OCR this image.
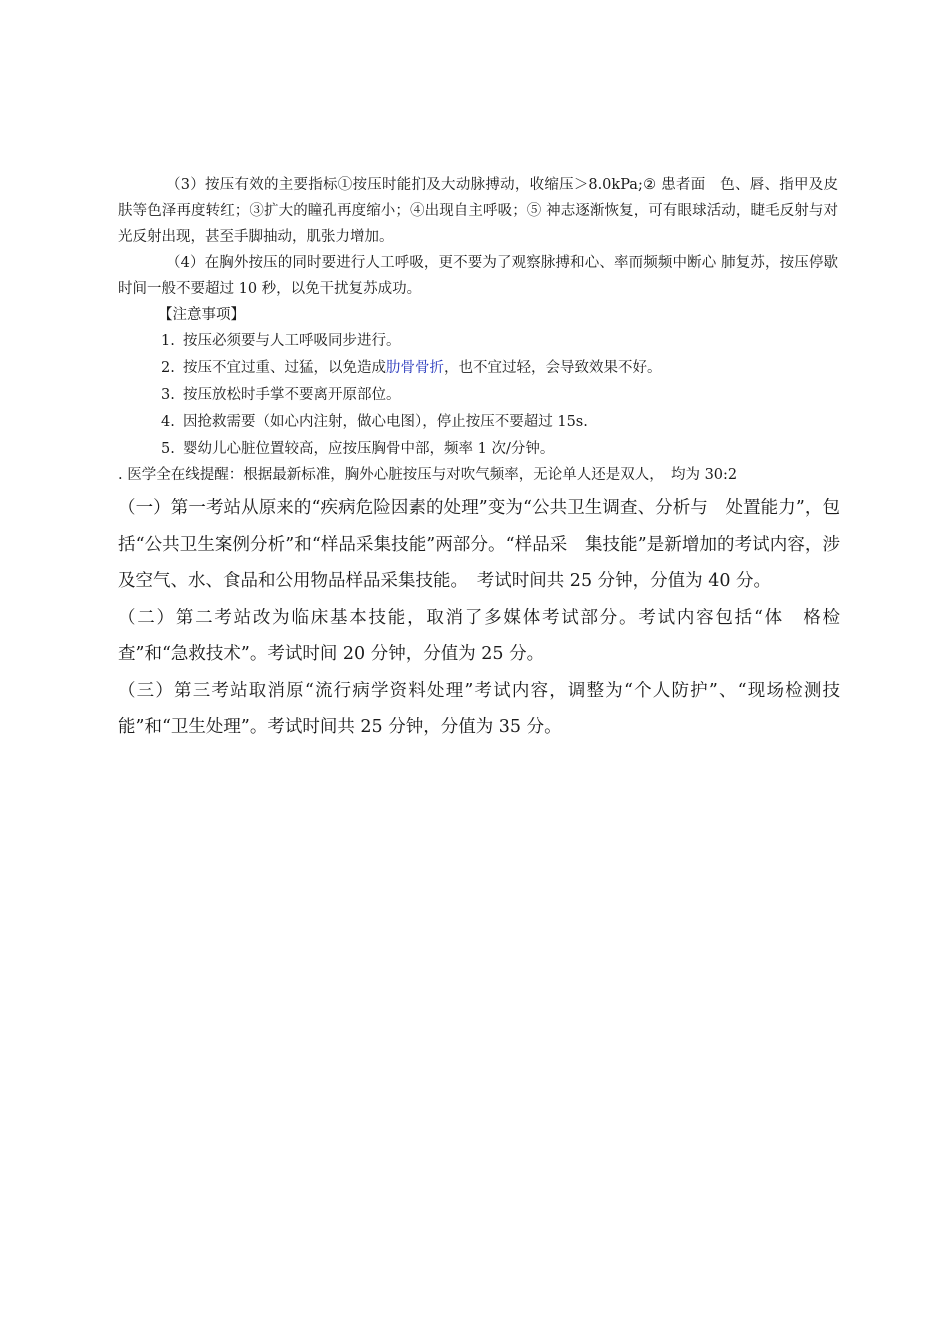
（3）按压有效的主要指标①按压时能扪及大动脉搏动，收缩压＞8.0kPa;② 患者面　色、唇、指甲及皮肤等色泽再度转红；③扩大的瞳孔再度缩小；④出现自主呼吸；⑤ 神志逐渐恢复，可有眼球活动，睫毛反射与对光反射出现，甚至手脚抽动，肌张力增加。

（4）在胸外按压的同时要进行人工呼吸，更不要为了观察脉搏和心、率而频频中断心 肺复苏，按压停歇时间一般不要超过 10 秒，以免干扰复苏成功。

【注意事项】

1. 按压必须要与人工呼吸同步进行。
2. 按压不宜过重、过猛，以免造成肋骨骨折，也不宜过轻，会导致效果不好。
3. 按压放松时手掌不要离开原部位。
4. 因抢救需要（如心内注射，做心电图），停止按压不要超过 15s.
5. 婴幼儿心脏位置较高，应按压胸骨中部，频率 1 次/分钟。
. 医学全在线提醒：根据最新标准，胸外心脏按压与对吹气频率，无论单人还是双人，　均为 30:2

（一）第一考站从原来的“疾病危险因素的处理”变为“公共卫生调查、分析与　处置能力”，包括“公共卫生案例分析”和“样品采集技能”两部分。“样品采　集技能”是新增加的考试内容，涉及空气、水、食品和公用物品样品采集技能。　考试时间共 25 分钟，分值为 40 分。

（二）第二考站改为临床基本技能，取消了多媒体考试部分。考试内容包括“体　格检查”和“急救技术”。考试时间 20 分钟，分值为 25 分。

（三）第三考站取消原“流行病学资料处理”考试内容，调整为“个人防护”、“现场检测技能”和“卫生处理”。考试时间共 25 分钟，分值为 35 分。
